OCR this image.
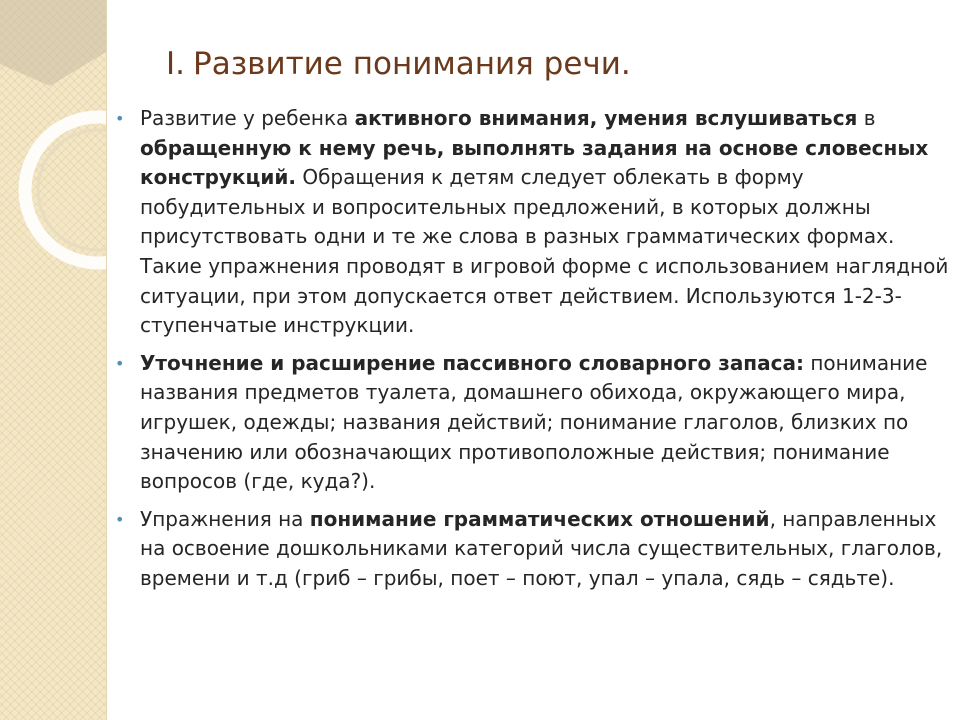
I. Развитие понимания речи.
• Развитие у ребенка активного внимания, умения вслушиваться в обращенную к нему речь, выполнять задания на основе словесных конструкций. Обращения к детям следует облекать в форму побудительных и вопросительных предложений, в которых должны присутствовать одни и те же слова в разных грамматических формах. Такие упражнения проводят в игровой форме с использованием наглядной ситуации, при этом допускается ответ действием. Используются 1-2-3-ступенчатые инструкции.
• Уточнение и расширение пассивного словарного запаса: понимание названия предметов туалета, домашнего обихода, окружающего мира, игрушек, одежды; названия действий; понимание глаголов, близких по значению или обозначающих противоположные действия; понимание вопросов (где, куда?).
• Упражнения на понимание грамматических отношений, направленных на освоение дошкольниками категорий числа существительных, глаголов, времени и т.д (гриб – грибы, поет – поют, упал – упала, сядь – сядьте).
